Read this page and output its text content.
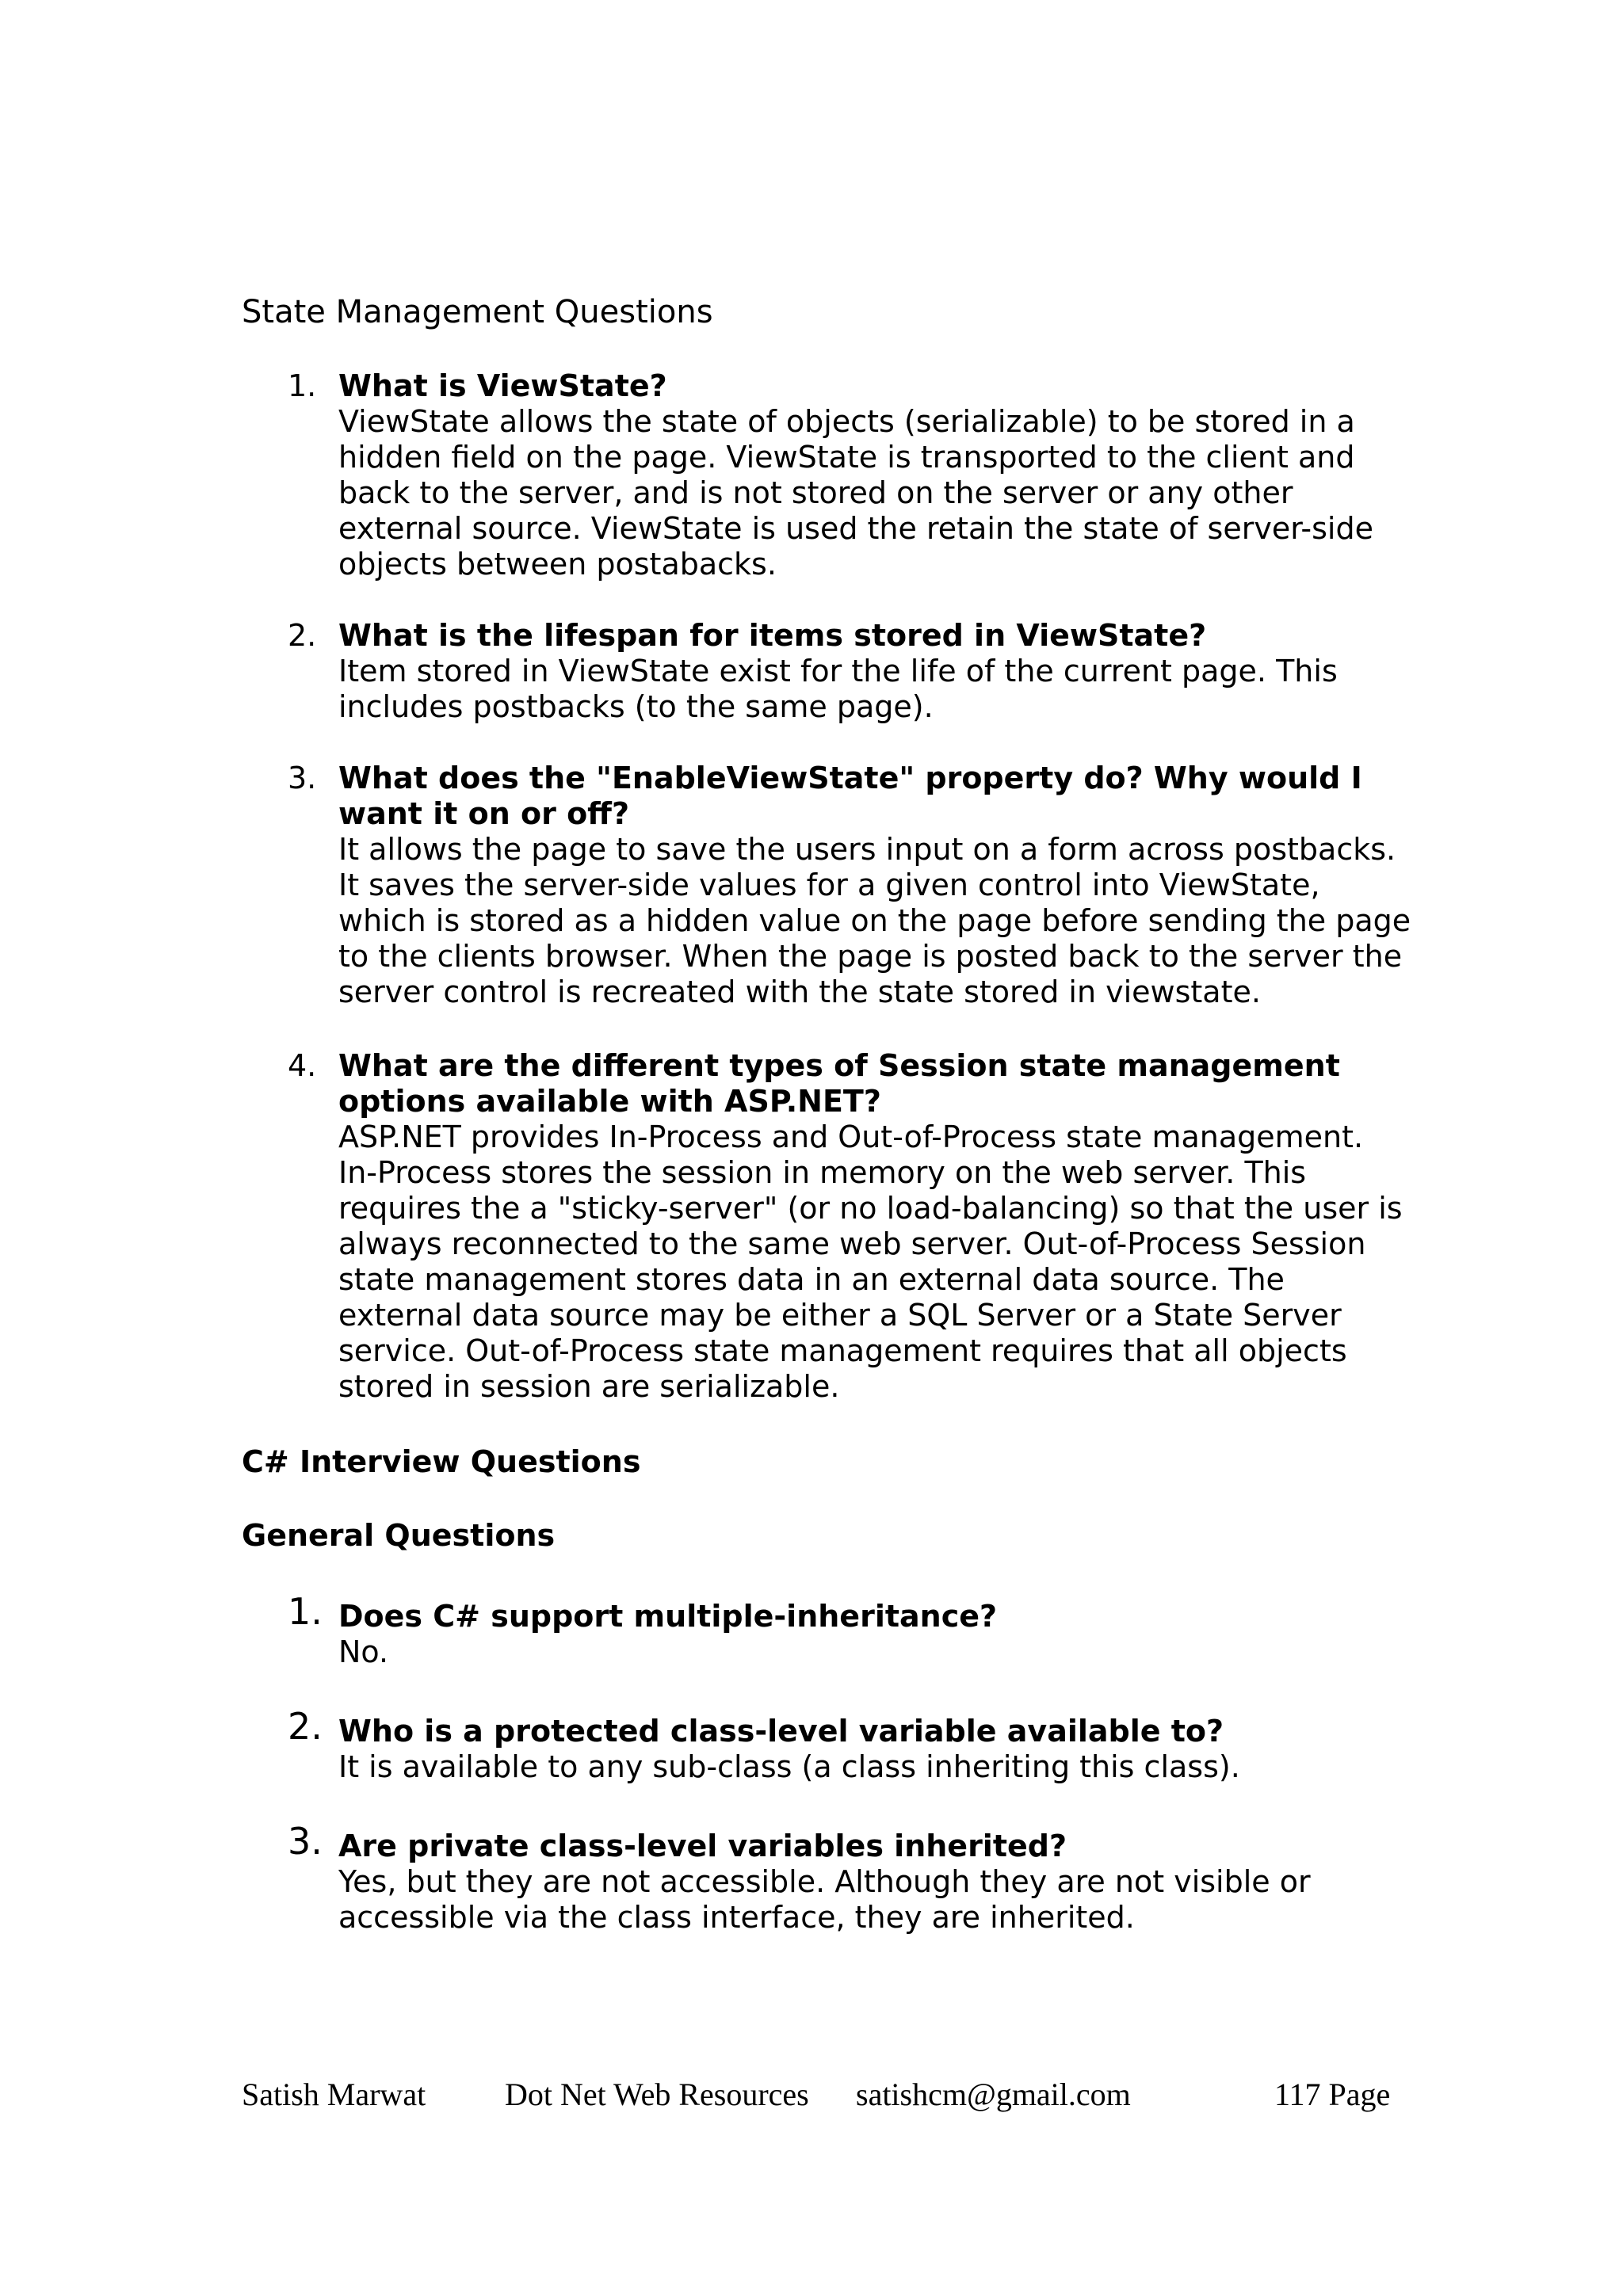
State Management Questions
1. What is ViewState?
ViewState allows the state of objects (serializable) to be stored in a
hidden field on the page. ViewState is transported to the client and
back to the server, and is not stored on the server or any other
external source. ViewState is used the retain the state of server-side
objects between postabacks.
2. What is the lifespan for items stored in ViewState?
Item stored in ViewState exist for the life of the current page. This
includes postbacks (to the same page).
3. What does the "EnableViewState" property do? Why would I
want it on or off?
It allows the page to save the users input on a form across postbacks.
It saves the server-side values for a given control into ViewState,
which is stored as a hidden value on the page before sending the page
to the clients browser. When the page is posted back to the server the
server control is recreated with the state stored in viewstate.
4. What are the different types of Session state management
options available with ASP.NET?
ASP.NET provides In-Process and Out-of-Process state management.
In-Process stores the session in memory on the web server. This
requires the a "sticky-server" (or no load-balancing) so that the user is
always reconnected to the same web server. Out-of-Process Session
state management stores data in an external data source. The
external data source may be either a SQL Server or a State Server
service. Out-of-Process state management requires that all objects
stored in session are serializable.
C# Interview Questions
General Questions
1. Does C# support multiple-inheritance?
No.
2. Who is a protected class-level variable available to?
It is available to any sub-class (a class inheriting this class).
3. Are private class-level variables inherited?
Yes, but they are not accessible. Although they are not visible or
accessible via the class interface, they are inherited.
Satish Marwat Dot Net Web Resources satishcm@gmail.com	117 Page
